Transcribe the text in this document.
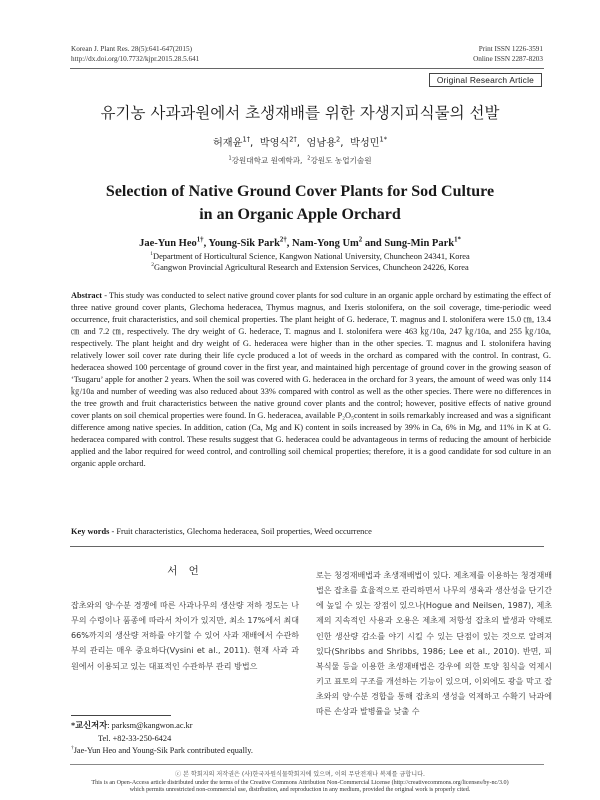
Korean J. Plant Res. 28(5):641-647(2015)
http://dx.doi.org/10.7732/kjpr.2015.28.5.641
Print ISSN 1226-3591
Online ISSN 2287-8203
Original Research Article
유기농 사과과원에서 초생재배를 위한 자생지피식물의 선발
허재윤$^{1\dagger}$,  박영식$^{2\dagger}$,  엄남용$^2$,  박성민$^{1*}$
$^1$강원대학교 원예학과,  $^2$강원도 농업기술원
Selection of Native Ground Cover Plants for Sod Culture
in an Organic Apple Orchard
Jae-Yun Heo$^{1\dagger}$, Young-Sik Park$^{2\dagger}$, Nam-Yong Um$^2$ and Sung-Min Park$^{1*}$
$^1$Department of Horticultural Science, Kangwon National University, Chuncheon 24341, Korea
$^2$Gangwon Provincial Agricultural Research and Extension Services, Chuncheon 24226, Korea
Abstract - This study was conducted to select native ground cover plants for sod culture in an organic apple orchard by estimating the effect of three native ground cover plants, Glechoma hederacea, Thymus magnus, and Ixeris stolonifera, on the soil coverage, time-periodic weed occurrence, fruit characteristics, and soil chemical properties. The plant height of G. hederace, T. magnus and I. stolonifera were 15.0 ㎝, 13.4 ㎝ and 7.2 ㎝, respectively. The dry weight of G. hederace, T. magnus and I. stolonifera were 463 ㎏/10a, 247 ㎏/10a, and 255 ㎏/10a, respectively. The plant height and dry weight of G. hederacea were higher than in the other species. T. magnus and I. stolonifera having relatively lower soil cover rate during their life cycle produced a lot of weeds in the orchard as compared with the control. In contrast, G. hederacea showed 100 percentage of ground cover in the first year, and maintained high percentage of ground cover in the growing season of ‘Tsugaru’ apple for another 2 years. When the soil was covered with G. hederacea in the orchard for 3 years, the amount of weed was only 114 ㎏/10a and number of weeding was also reduced about 33% compared with control as well as the other species. There were no differences in the tree growth and fruit characteristics between the native ground cover plants and the control; however, positive effects of native ground cover plants on soil chemical properties were found. In G. hederacea, available P₂O₅content in soils remarkably increased and was a significant difference among native species. In addition, cation (Ca, Mg and K) content in soils increased by 39% in Ca, 6% in Mg, and 11% in K at G. hederacea compared with control. These results suggest that G. hederacea could be advantageous in terms of reducing the amount of herbicide applied and the labor required for weed control, and controlling soil chemical properties; therefore, it is a good candidate for sod culture in an organic apple orchard.
Key words - Fruit characteristics, Glechoma hederacea, Soil properties, Weed occurrence
서 언
잡초와의 양·수분 경쟁에 따른 사과나무의 생산량 저하 정도는 나무의 수령이나 품종에 따라서 차이가 있지만, 최소 17%에서 최대 66%까지의 생산량 저하를 야기할 수 있어 사과 재배에서 수관하부의 관리는 매우 중요하다(Vysini et al., 2011). 현재 사과 과원에서 이용되고 있는 대표적인 수관하부 관리 방법으
로는 청경재배법과 초생재배법이 있다. 제초제를 이용하는 청경재배법은 잡초를 효율적으로 관리하면서 나무의 생육과 생산성을 단기간에 높일 수 있는 장점이 있으나(Hogue and Neilsen, 1987), 제초제의 지속적인 사용과 오용은 제초제 저항성 잡초의 발생과 약해로 인한 생산량 감소를 야기 시킬 수 있는 단점이 있는 것으로 알려져 있다(Shribbs and Shribbs, 1986; Lee et al., 2010). 반면, 피복식물 등을 이용한 초생재배법은 강우에 의한 토양 침식을 억제시키고 표토의 구조를 개선하는 기능이 있으며, 이외에도 광을 막고 잡초와의 양·수분 경합을 통해 잡초의 생성을 억제하고 수확기 낙과에 따른 손상과 발병률을 낮출 수
*교신저자: parksm@kangwon.ac.kr
Tel. +82-33-250-6424
†Jae-Yun Heo and Young-Sik Park contributed equally.
ⓒ 본 학회지의 저작권은 (사)한국자원식물학회지에 있으며, 이의 무단전재나 복제를 금합니다.
This is an Open-Access article distributed under the terms of the Creative Commons Attribution Non-Commercial License (http://creativecommons.org/licenses/by-nc/3.0)
which permits unrestricted non-commercial use, distribution, and reproduction in any medium, provided the original work is properly cited.
